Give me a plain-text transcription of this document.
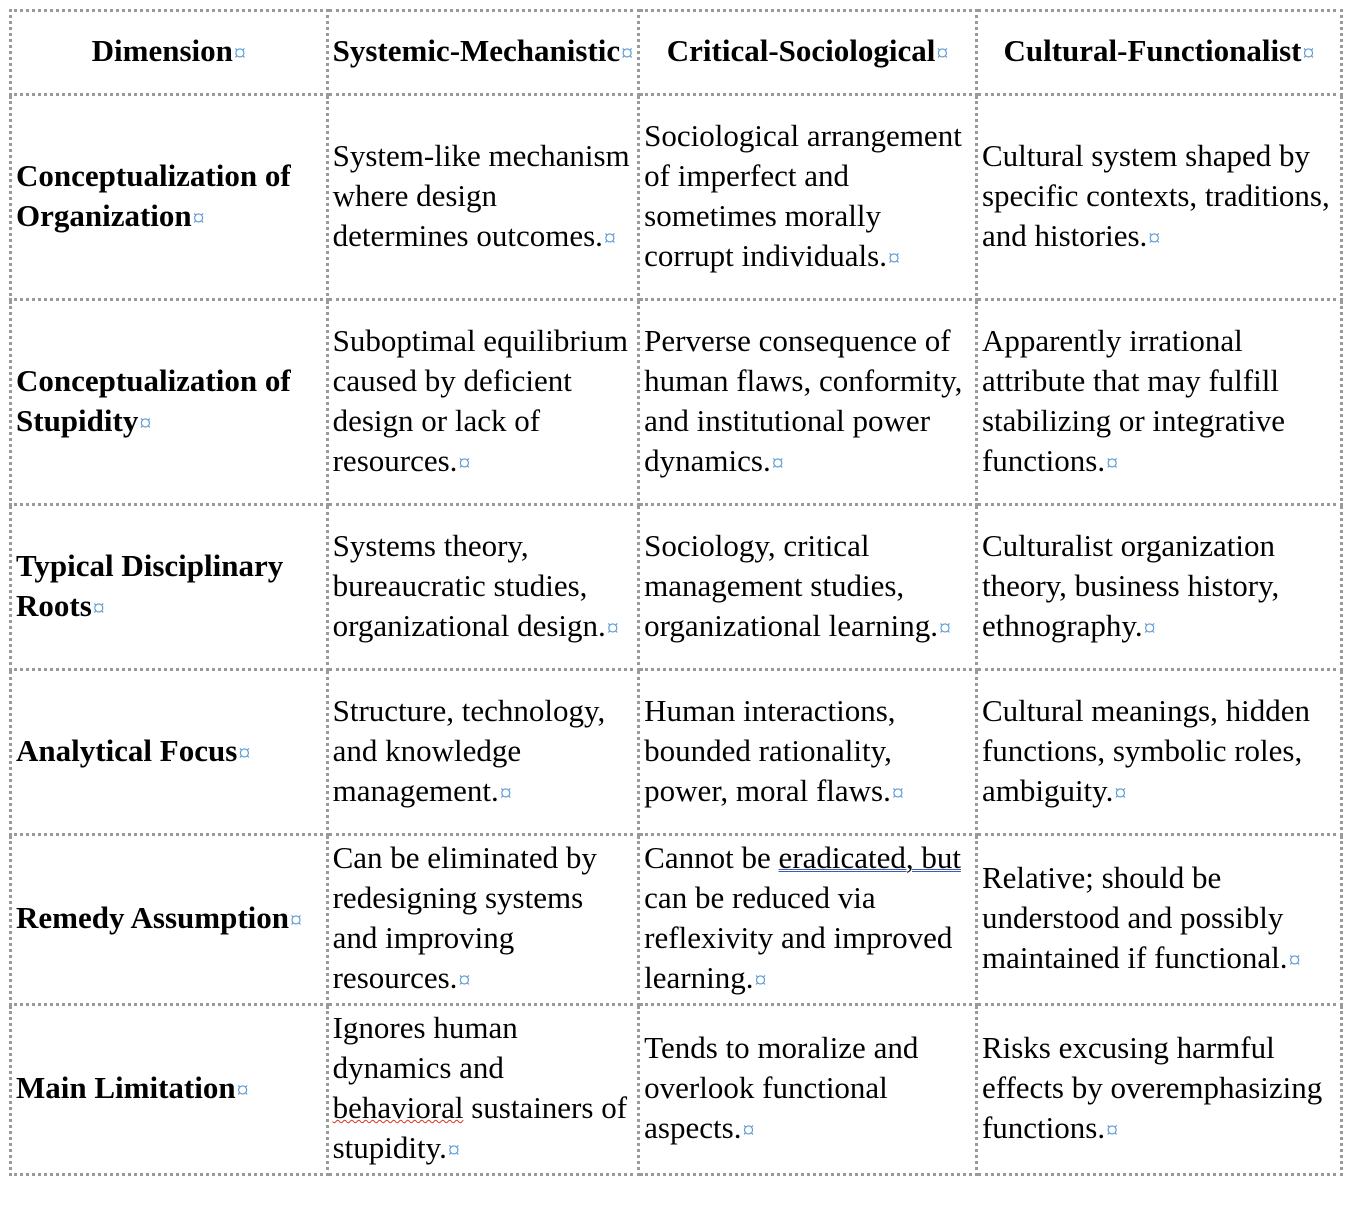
Dimension¤	Systemic-Mechanistic¤	Critical-Sociological¤	Cultural-Functionalist¤
Conceptualization of Organization¤	System-like mechanism where design determines outcomes.¤	Sociological arrangement of imperfect and sometimes morally corrupt individuals.¤	Cultural system shaped by specific contexts, traditions, and histories.¤
Conceptualization of Stupidity¤	Suboptimal equilibrium caused by deficient design or lack of resources.¤	Perverse consequence of human flaws, conformity, and institutional power dynamics.¤	Apparently irrational attribute that may fulfill stabilizing or integrative functions.¤
Typical Disciplinary Roots¤	Systems theory, bureaucratic studies, organizational design.¤	Sociology, critical management studies, organizational learning.¤	Culturalist organization theory, business history, ethnography.¤
Analytical Focus¤	Structure, technology, and knowledge management.¤	Human interactions, bounded rationality, power, moral flaws.¤	Cultural meanings, hidden functions, symbolic roles, ambiguity.¤
Remedy Assumption¤	Can be eliminated by redesigning systems and improving resources.¤	Cannot be eradicated, but can be reduced via reflexivity and improved learning.¤	Relative; should be understood and possibly maintained if functional.¤
Main Limitation¤	Ignores human dynamics and behavioral sustainers of stupidity.¤	Tends to moralize and overlook functional aspects.¤	Risks excusing harmful effects by overemphasizing functions.¤
